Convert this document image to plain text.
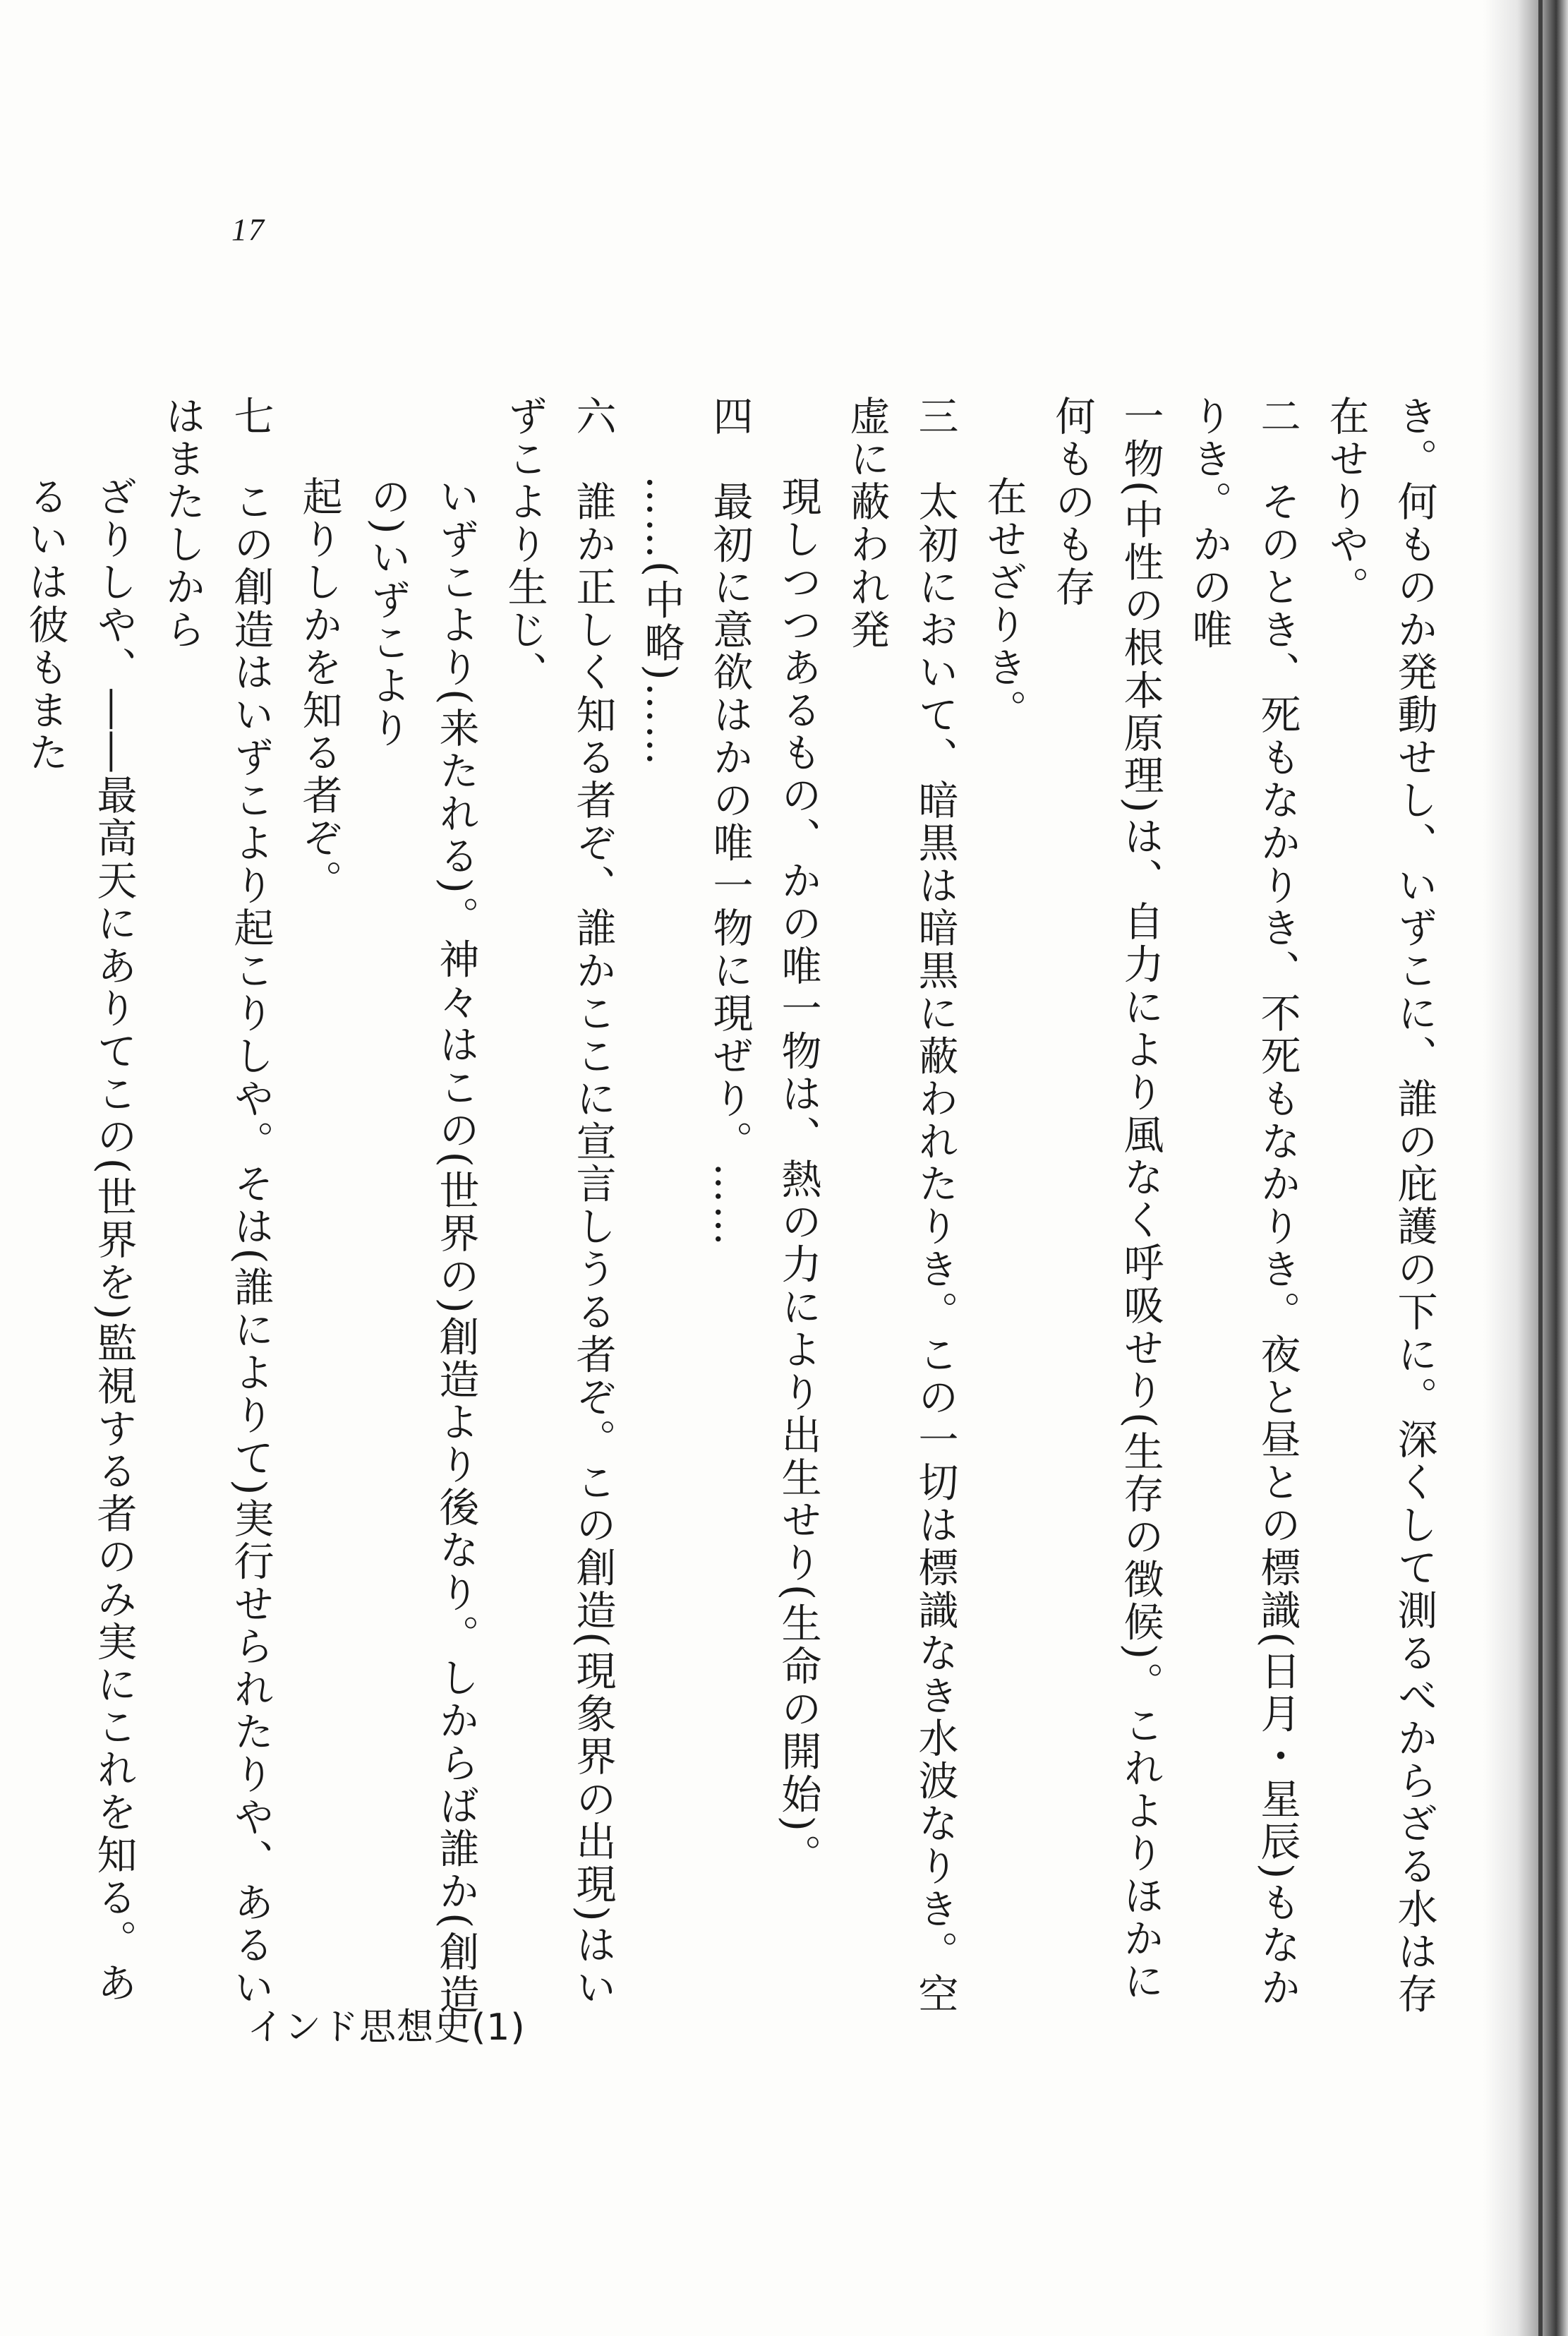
17

き。何ものか発動せし、いずこに、誰の庇護の下に。深くして測るべからざる水は存在せりや。

二　そのとき、死もなかりき、不死もなかりき。夜と昼との標識(日月・星辰)もなかりき。かの唯

一物(中性の根本原理)は、自力により風なく呼吸せり(生存の徴候)。これよりほかに何ものも存

在せざりき。

三　太初において、暗黒は暗黒に蔽われたりき。この一切は標識なき水波なりき。空虚に蔽われ発

現しつつあるもの、かの唯一物は、熱の力により出生せり(生命の開始)。

四　最初に意欲はかの唯一物に現ぜり。……

……(中略)……

六　誰か正しく知る者ぞ、誰かここに宣言しうる者ぞ。この創造(現象界の出現)はいずこより生じ、

いずこより(来たれる)。神々はこの(世界の)創造より後なり。しからば誰か(創造の)いずこより

起りしかを知る者ぞ。

七　この創造はいずこより起こりしや。そは(誰によりて)実行せられたりや、あるいはまたしから

ざりしや、――最高天にありてこの(世界を)監視する者のみ実にこれを知る。あるいは彼もまた

インド思想史(1)
